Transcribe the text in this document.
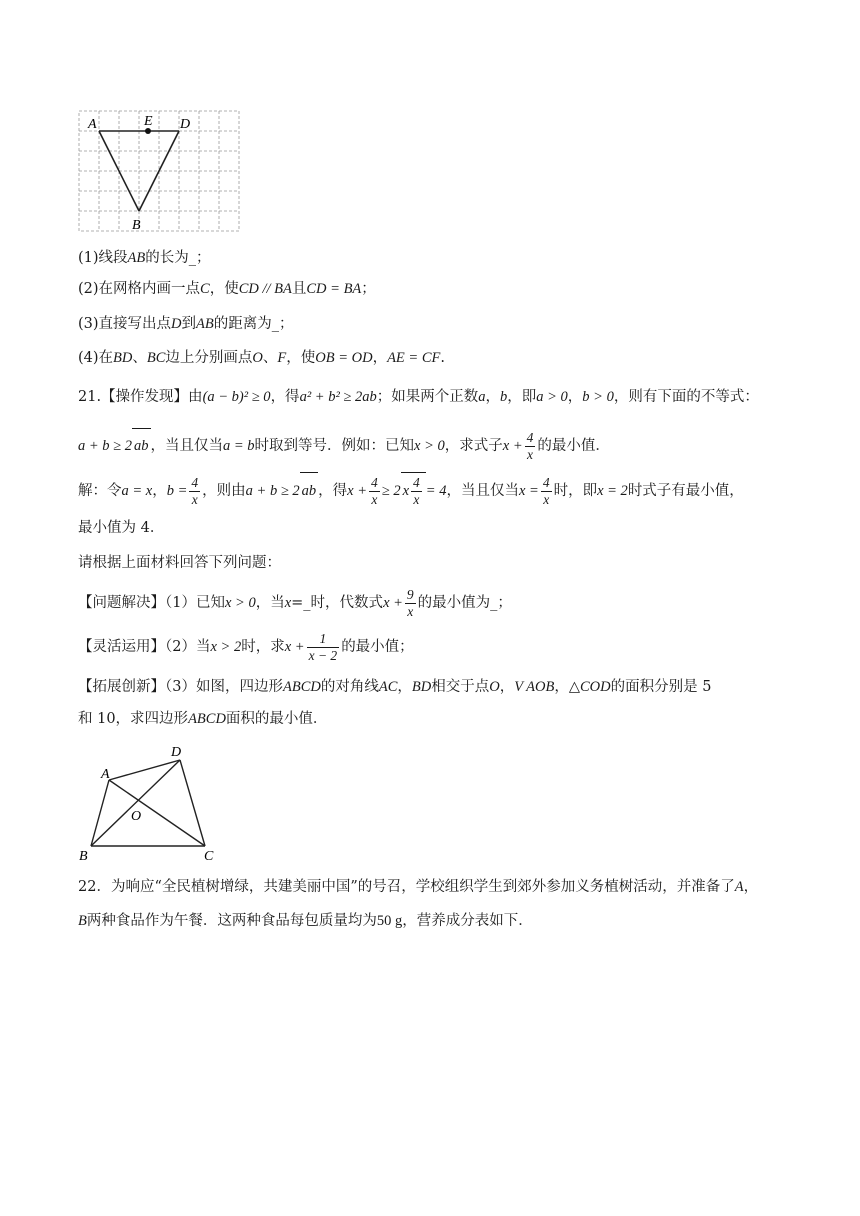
A	E D
B
(1)线段AB的长为_；
(2)在网格内画一点C，使CD // BA且CD = BA；
(3)直接写出点D到AB的距离为_；
(4)在BD、BC边上分别画点O、F，使OB = OD，AE = CF.
21.【操作发现】由(a − b)² ≥ 0，得a² + b² ≥ 2ab；如果两个正数a，b，即a > 0，b > 0，则有下面的不等式：
a + b ≥ 2 ab ，当且仅当a = b时取到等号．例如：已知x > 0，求式子$x + \frac{4}{x}$ 的最小值．
解：令a = x，$b = \frac{4}{x}$ ，则由a + b ≥ 2 ab ，得$x + \frac{4}{x} \ge 2$ x $\frac{4}{x} = 4$，当且仅当$x = \frac{4}{x}$ 时，即x = 2时式子有最小值，
最小值为 4．
请根据上面材料回答下列问题：
【问题解决】（1）已知x > 0，当x=_时，代数式$x + \frac{9}{x}$ 的最小值为_；
【灵活运用】（2）当x > 2时，求$x + \frac{1}{x - 2}$ 的最小值；
【拓展创新】（3）如图，四边形ABCD的对角线AC，BD相交于点O，V AOB，△COD的面积分别是 5
和 10，求四边形ABCD面积的最小值．
D
A
O
B	C
22．为响应“全民植树增绿，共建美丽中国”的号召，学校组织学生到郊外参加义务植树活动，并准备了A，
B两种食品作为午餐．这两种食品每包质量均为50 g，营养成分表如下．
